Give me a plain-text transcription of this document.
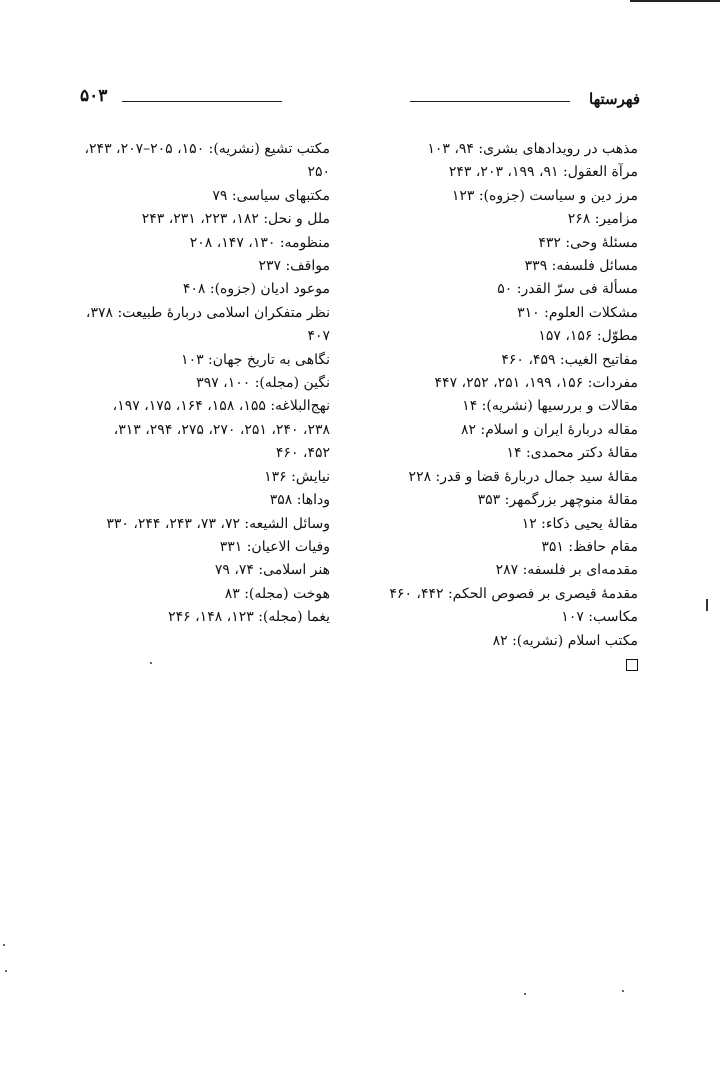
فهرستها
۵۰۳
مذهب در رویدادهای بشری: ۹۴، ۱۰۳
مرآة العقول: ۹۱، ۱۹۹، ۲۰۳، ۲۴۳
مرز دین و سیاست (جزوه): ۱۲۳
مزامیر: ۲۶۸
مسئلهٔ وحی: ۴۳۲
مسائل فلسفه: ۳۳۹
مسألة فی سرّ القدر: ۵۰
مشکلات العلوم: ۳۱۰
مطوّل: ۱۵۶، ۱۵۷
مفاتیح الغیب: ۴۵۹، ۴۶۰
مفردات: ۱۵۶، ۱۹۹، ۲۵۱، ۲۵۲، ۴۴۷
مقالات و بررسیها (نشریه): ۱۴
مقاله دربارهٔ ایران و اسلام: ۸۲
مقالهٔ دکتر محمدی: ۱۴
مقالهٔ سید جمال دربارهٔ قضا و قدر: ۲۲۸
مقالهٔ منوچهر بزرگمهر: ۳۵۳
مقالهٔ یحیی ذکاء: ۱۲
مقام حافظ: ۳۵۱
مقدمه‌ای بر فلسفه: ۲۸۷
مقدمهٔ قیصری بر فصوص الحکم: ۴۴۲، ۴۶۰
مکاسب: ۱۰۷
مکتب اسلام (نشریه): ۸۲
مکتب تشیع (نشریه): ۱۵۰، ۲۰۵–۲۰۷، ۲۴۳،
۲۵۰
مکتبهای سیاسی: ۷۹
ملل و نحل: ۱۸۲، ۲۲۳، ۲۳۱، ۲۴۳
منظومه: ۱۳۰، ۱۴۷، ۲۰۸
مواقف: ۲۳۷
موعود ادیان (جزوه): ۴۰۸
نظر متفکران اسلامی دربارهٔ طبیعت: ۳۷۸،
۴۰۷
نگاهی به تاریخ جهان: ۱۰۳
نگین (مجله): ۱۰۰، ۳۹۷
نهج‌البلاغه: ۱۵۵، ۱۵۸، ۱۶۴، ۱۷۵، ۱۹۷،
۲۳۸، ۲۴۰، ۲۵۱، ۲۷۰، ۲۷۵، ۲۹۴، ۳۱۳،
۴۵۲، ۴۶۰
نیایش: ۱۳۶
وداها: ۳۵۸
وسائل الشیعه: ۷۲، ۷۳، ۲۴۳، ۲۴۴، ۳۳۰
وفیات الاعیان: ۳۳۱
هنر اسلامی: ۷۴، ۷۹
هوخت (مجله): ۸۳
یغما (مجله): ۱۲۳، ۱۴۸، ۲۴۶
